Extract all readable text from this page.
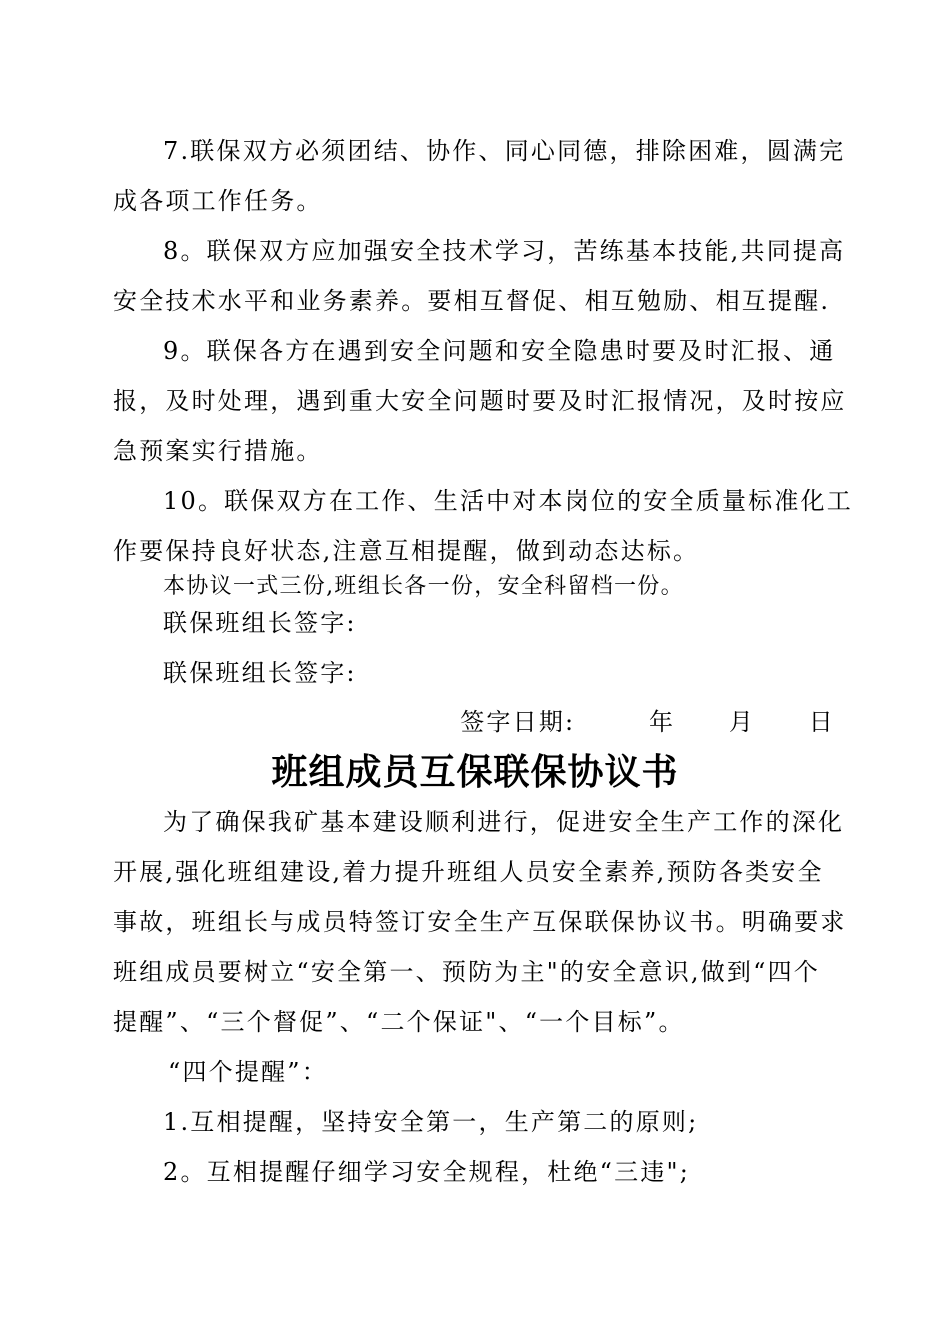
7.联保双方必须团结、协作、同心同德，排除困难，圆满完
成各项工作任务。
8。联保双方应加强安全技术学习，苦练基本技能,共同提高
安全技术水平和业务素养。要相互督促、相互勉励、相互提醒.
9。联保各方在遇到安全问题和安全隐患时要及时汇报、通
报，及时处理，遇到重大安全问题时要及时汇报情况，及时按应
急预案实行措施。
10。联保双方在工作、生活中对本岗位的安全质量标准化工
作要保持良好状态,注意互相提醒，做到动态达标。
本协议一式三份,班组长各一份，安全科留档一份。
联保班组长签字:
联保班组长签字:
签字日期:	年 月 日
班组成员互保联保协议书
为了确保我矿基本建设顺利进行，促进安全生产工作的深化
开展,强化班组建设,着力提升班组人员安全素养,预防各类安全
事故，班组长与成员特签订安全生产互保联保协议书。明确要求
班组成员要树立“安全第一、预防为主"的安全意识,做到“四个
提醒”、“三个督促”、“二个保证"、“一个目标”。
“四个提醒”：
1.互相提醒，坚持安全第一，生产第二的原则;
2。互相提醒仔细学习安全规程，杜绝“三违";
